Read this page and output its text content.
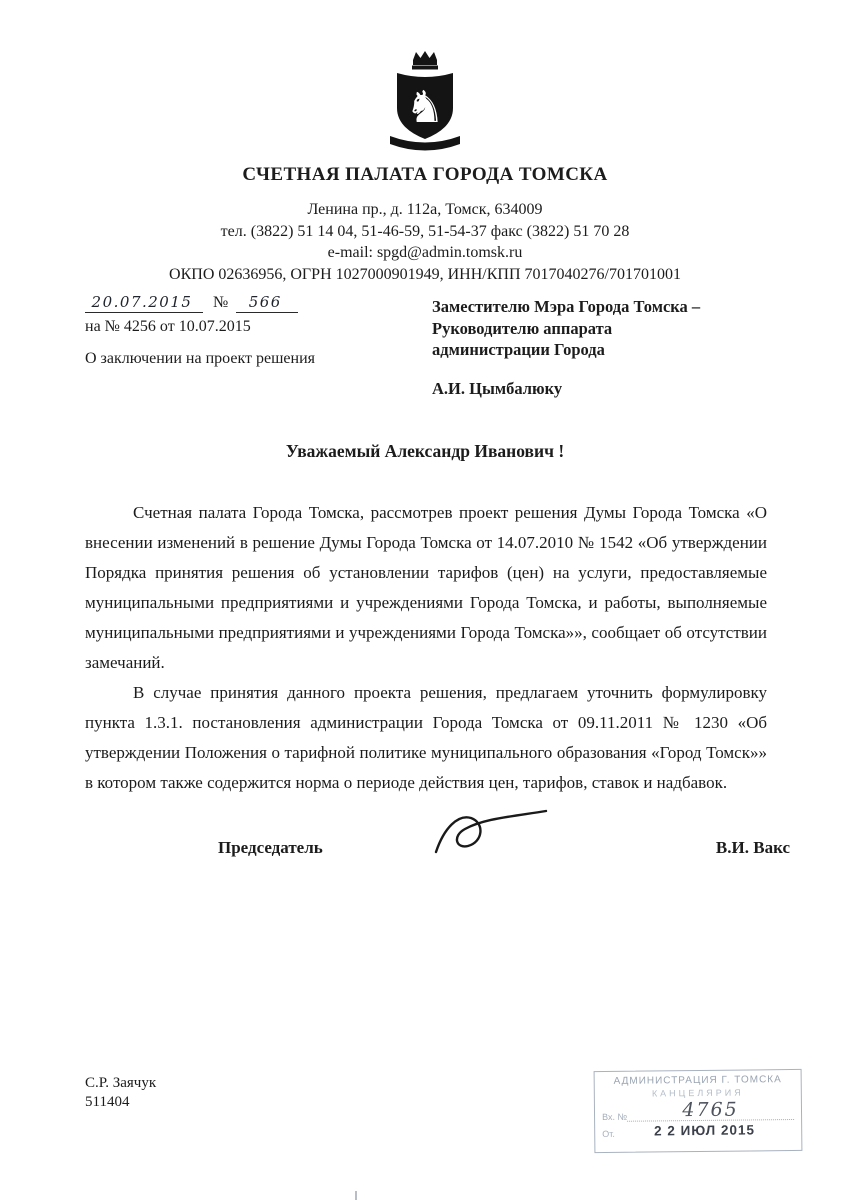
♞
СЧЕТНАЯ ПАЛАТА ГОРОДА ТОМСКА
Ленина пр., д. 112а, Томск, 634009
тел. (3822) 51 14 04, 51-46-59, 51-54-37 факс (3822) 51 70 28
e-mail: spgd@admin.tomsk.ru
ОКПО 02636956, ОГРН 1027000901949, ИНН/КПП 7017040276/701701001
20.07.2015	№	566
на № 4256 от 10.07.2015
О заключении на проект решения
Заместителю Мэра Города Томска –
Руководителю аппарата
администрации Города
А.И. Цымбалюку
Уважаемый Александр Иванович !

Счетная палата Города Томска, рассмотрев проект решения Думы Города Томска «О внесении изменений в решение Думы Города Томска от 14.07.2010 № 1542 «Об утверждении Порядка принятия решения об установлении тарифов (цен) на услуги, предоставляемые муниципальными предприятиями и учреждениями Города Томска, и работы, выполняемые муниципальными предприятиями и учреждениями Города Томска»», сообщает об отсутствии замечаний.

В случае принятия данного проекта решения, предлагаем уточнить формулировку пункта 1.3.1. постановления администрации Города Томска от 09.11.2011 № 1230 «Об утверждении Положения о тарифной политике муниципального образования «Город Томск»» в котором также содержится норма о периоде действия цен, тарифов, ставок и надбавок.

Председатель	В.И. Вакс
С.Р. Заячук
511404
АДМИНИСТРАЦИЯ Г. ТОМСКА
КАНЦЕЛЯРИЯ
Вх. №	4765
От.	2 2 ИЮЛ 2015
